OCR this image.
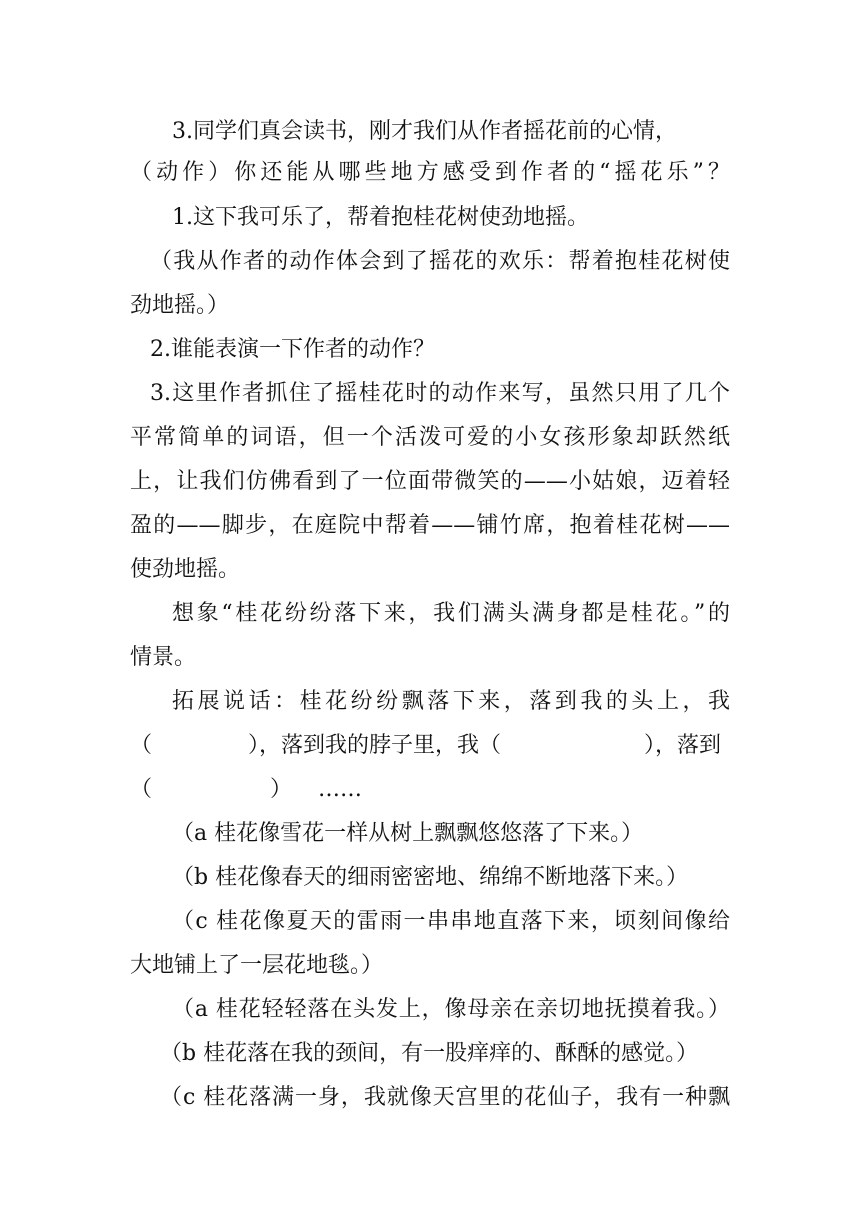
3.同学们真会读书，刚才我们从作者摇花前的心情，
（动作）你还能从哪些地方感受到作者的“摇花乐”？
1.这下我可乐了，帮着抱桂花树使劲地摇。
（我从作者的动作体会到了摇花的欢乐：帮着抱桂花树使
劲地摇。）
2.谁能表演一下作者的动作？
3.这里作者抓住了摇桂花时的动作来写，虽然只用了几个
平常简单的词语，但一个活泼可爱的小女孩形象却跃然纸
上，让我们仿佛看到了一位面带微笑的——小姑娘，迈着轻
盈的——脚步，在庭院中帮着——铺竹席，抱着桂花树——
使劲地摇。
想象“桂花纷纷落下来，我们满头满身都是桂花。”的
情景。
拓展说话：桂花纷纷飘落下来，落到我的头上，我
（	），落到我的脖子里，我（	），落到
（	） ……
（a 桂花像雪花一样从树上飘飘悠悠落了下来。）
（b 桂花像春天的细雨密密地、绵绵不断地落下来。）
（c 桂花像夏天的雷雨一串串地直落下来，顷刻间像给
大地铺上了一层花地毯。）
（a 桂花轻轻落在头发上，像母亲在亲切地抚摸着我。）
（b 桂花落在我的颈间，有一股痒痒的、酥酥的感觉。）
（c 桂花落满一身，我就像天宫里的花仙子，我有一种飘
